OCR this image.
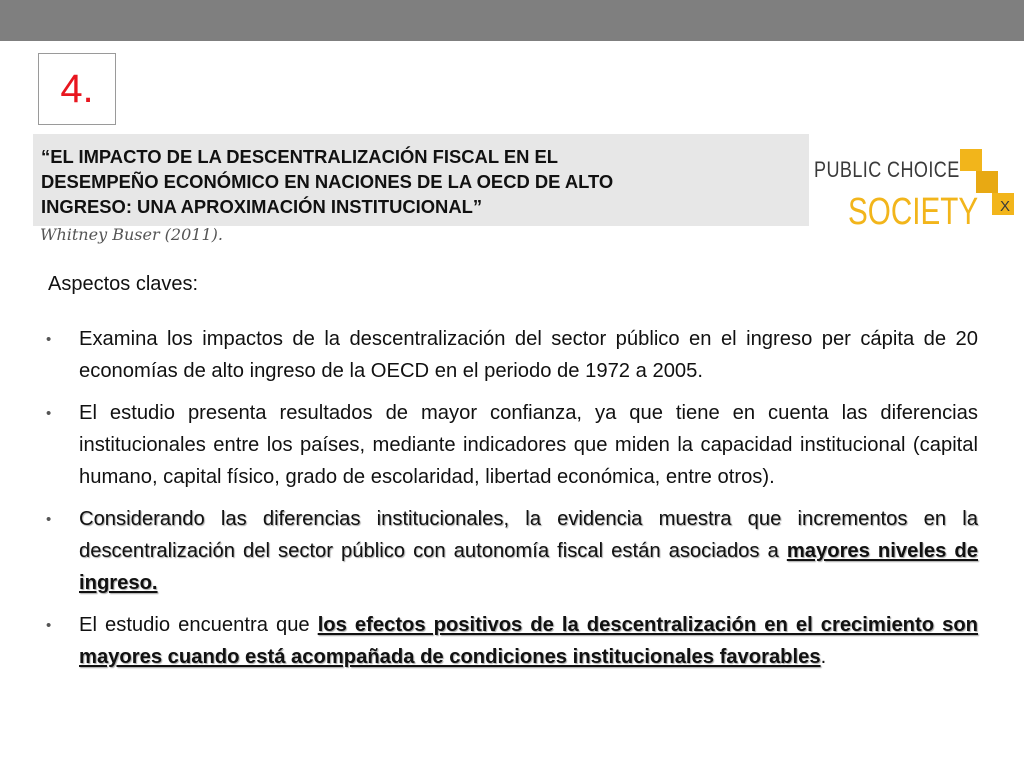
4.
“EL IMPACTO DE LA DESCENTRALIZACIÓN FISCAL EN EL
DESEMPEÑO ECONÓMICO EN NACIONES DE LA OECD DE ALTO
INGRESO: UNA APROXIMACIÓN INSTITUCIONAL”
Whitney Buser (2011).
PUBLIC CHOICE
SOCIETY X
Aspectos claves:
• Examina los impactos de la descentralización del sector público en el ingreso per cápita de 20 economías de alto ingreso de la OECD en el periodo de 1972 a 2005.

• El estudio presenta resultados de mayor confianza, ya que tiene en cuenta las diferencias institucionales entre los países, mediante indicadores que miden la capacidad institucional (capital humano, capital físico, grado de escolaridad, libertad económica, entre otros).

• Considerando las diferencias institucionales, la evidencia muestra que incrementos en la descentralización del sector público con autonomía fiscal están asociados a mayores niveles de ingreso.

• El estudio encuentra que los efectos positivos de la descentralización en el crecimiento son mayores cuando está acompañada de condiciones institucionales favorables.
